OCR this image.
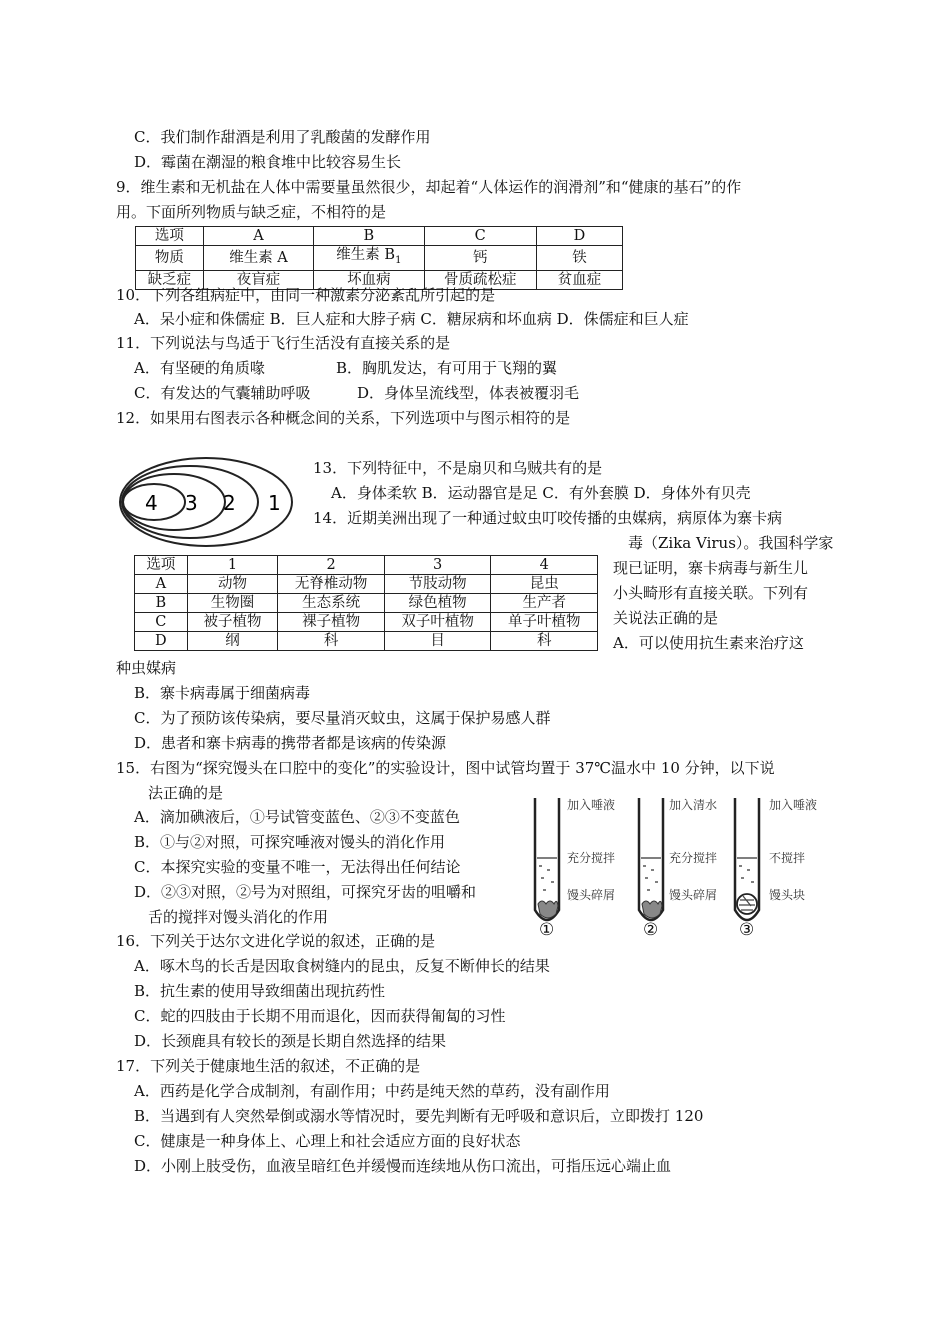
C．我们制作甜酒是利用了乳酸菌的发酵作用
D．霉菌在潮湿的粮食堆中比较容易生长
9．维生素和无机盐在人体中需要量虽然很少，却起着“人体运作的润滑剂”和“健康的基石”的作
用。下面所列物质与缺乏症，不相符的是
选项	A	B	C	D
物质	维生素 A	维生素 $B_1$	钙	铁
缺乏症	夜盲症	坏血病	骨质疏松症	贫血症
10．下列各组病症中，由同一种激素分泌紊乱所引起的是
A．呆小症和侏儒症 B．巨人症和大脖子病 C．糖尿病和坏血病 D．侏儒症和巨人症
11．下列说法与鸟适于飞行生活没有直接关系的是
A．有坚硬的角质喙	B．胸肌发达，有可用于飞翔的翼
C．有发达的气囊辅助呼吸	D．身体呈流线型，体表被覆羽毛
12．如果用右图表示各种概念间的关系，下列选项中与图示相符的是
4 3 2 1
选项	1	2	3	4
A	动物	无脊椎动物	节肢动物	昆虫
B	生物圈	生态系统	绿色植物	生产者
C	被子植物	裸子植物	双子叶植物	单子叶植物
D	纲	科	目	科
13．下列特征中，不是扇贝和乌贼共有的是
A．身体柔软 B．运动器官是足 C．有外套膜 D．身体外有贝壳
14．近期美洲出现了一种通过蚊虫叮咬传播的虫媒病，病原体为寨卡病
毒（Zika Virus）。我国科学家
现已证明，寨卡病毒与新生儿
小头畸形有直接关联。下列有
关说法正确的是
A．可以使用抗生素来治疗这
种虫媒病
B．寨卡病毒属于细菌病毒
C．为了预防该传染病，要尽量消灭蚊虫，这属于保护易感人群
D．患者和寨卡病毒的携带者都是该病的传染源
15．右图为“探究馒头在口腔中的变化”的实验设计，图中试管均置于 37℃温水中 10 分钟，以下说
法正确的是
A．滴加碘液后，①号试管变蓝色、②③不变蓝色
B．①与②对照，可探究唾液对馒头的消化作用
C．本探究实验的变量不唯一，无法得出任何结论
D．②③对照，②号为对照组，可探究牙齿的咀嚼和
舌的搅拌对馒头消化的作用
加入唾液
充分搅拌
馒头碎屑
①
加入清水
充分搅拌
馒头碎屑
②
加入唾液
不搅拌
馒头块
③
16．下列关于达尔文进化学说的叙述，正确的是
A．啄木鸟的长舌是因取食树缝内的昆虫，反复不断伸长的结果
B．抗生素的使用导致细菌出现抗药性
C．蛇的四肢由于长期不用而退化，因而获得匍匐的习性
D．长颈鹿具有较长的颈是长期自然选择的结果
17．下列关于健康地生活的叙述，不正确的是
A．西药是化学合成制剂，有副作用；中药是纯天然的草药，没有副作用
B．当遇到有人突然晕倒或溺水等情况时，要先判断有无呼吸和意识后，立即拨打 120
C．健康是一种身体上、心理上和社会适应方面的良好状态
D．小刚上肢受伤，血液呈暗红色并缓慢而连续地从伤口流出，可指压远心端止血
